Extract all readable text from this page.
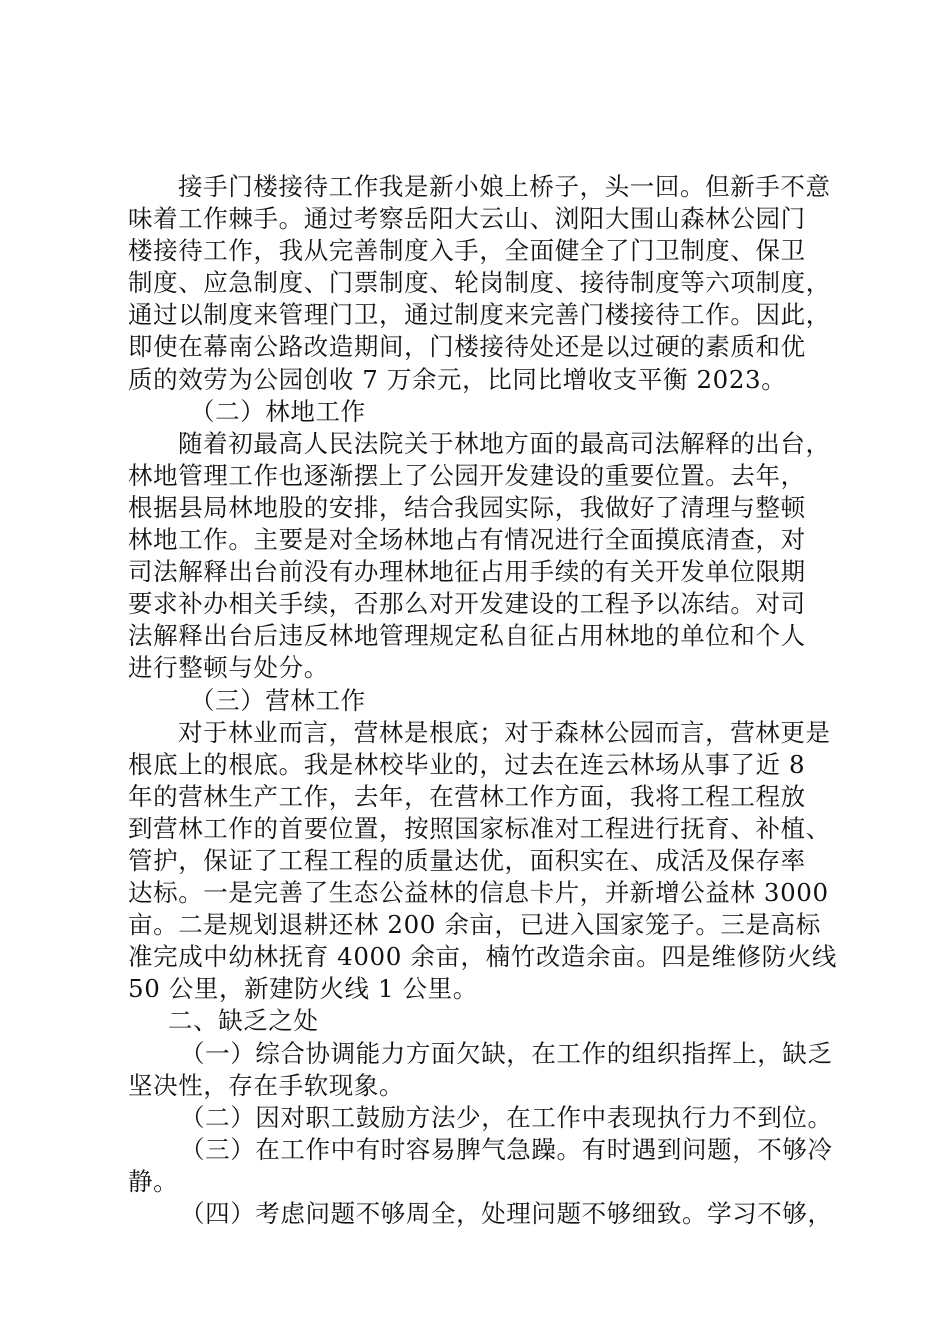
接手门楼接待工作我是新小娘上桥子，头一回。但新手不意
味着工作棘手。通过考察岳阳大云山、浏阳大围山森林公园门
楼接待工作，我从完善制度入手，全面健全了门卫制度、保卫
制度、应急制度、门票制度、轮岗制度、接待制度等六项制度，
通过以制度来管理门卫，通过制度来完善门楼接待工作。因此，
即使在幕南公路改造期间，门楼接待处还是以过硬的素质和优
质的效劳为公园创收 7 万余元，比同比增收支平衡 2023。
（二）林地工作
随着初最高人民法院关于林地方面的最高司法解释的出台，
林地管理工作也逐渐摆上了公园开发建设的重要位置。去年，
根据县局林地股的安排，结合我园实际，我做好了清理与整顿
林地工作。主要是对全场林地占有情况进行全面摸底清查，对
司法解释出台前没有办理林地征占用手续的有关开发单位限期
要求补办相关手续，否那么对开发建设的工程予以冻结。对司
法解释出台后违反林地管理规定私自征占用林地的单位和个人
进行整顿与处分。
（三）营林工作
对于林业而言，营林是根底；对于森林公园而言，营林更是
根底上的根底。我是林校毕业的，过去在连云林场从事了近 8
年的营林生产工作，去年，在营林工作方面，我将工程工程放
到营林工作的首要位置，按照国家标准对工程进行抚育、补植、
管护，保证了工程工程的质量达优，面积实在、成活及保存率
达标。一是完善了生态公益林的信息卡片，并新增公益林 3000
亩。二是规划退耕还林 200 余亩，已进入国家笼子。三是高标
准完成中幼林抚育 4000 余亩，楠竹改造余亩。四是维修防火线
50 公里，新建防火线 1 公里。
二、缺乏之处
（一）综合协调能力方面欠缺，在工作的组织指挥上，缺乏
坚决性，存在手软现象。
（二）因对职工鼓励方法少，在工作中表现执行力不到位。
（三）在工作中有时容易脾气急躁。有时遇到问题，不够冷
静。
（四）考虑问题不够周全，处理问题不够细致。学习不够，
